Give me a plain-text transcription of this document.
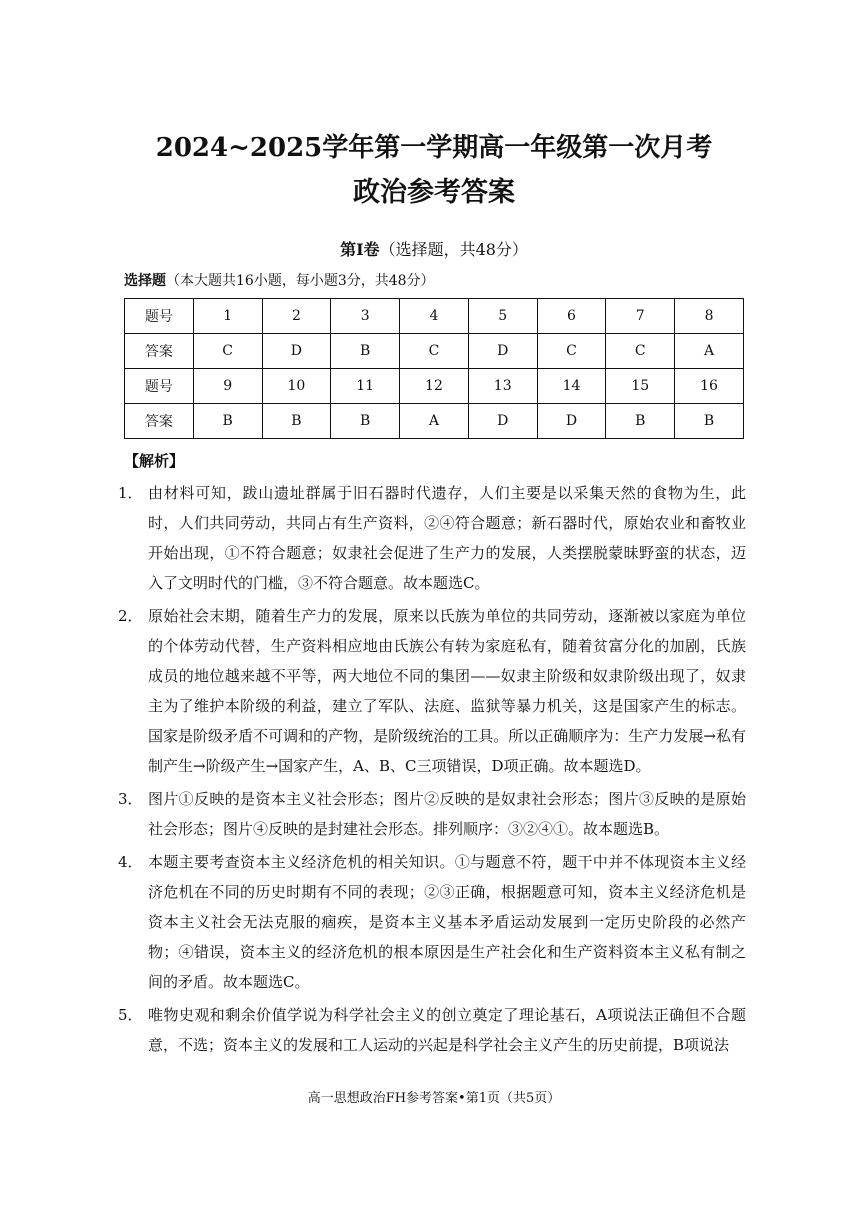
2024~2025学年第一学期高一年级第一次月考
政治参考答案
第Ⅰ卷（选择题，共48分）
选择题（本大题共16小题，每小题3分，共48分）
题号	1	2	3	4	5	6	7	8
答案	C	D	B	C	D	C	C	A
题号	9	10	11	12	13	14	15	16
答案	B	B	B	A	D	D	B	B
【解析】
1． 由材料可知，跋山遗址群属于旧石器时代遗存，人们主要是以采集天然的食物为生，此时，人们共同劳动，共同占有生产资料，②④符合题意；新石器时代，原始农业和畜牧业开始出现，①不符合题意；奴隶社会促进了生产力的发展，人类摆脱蒙昧野蛮的状态，迈入了文明时代的门槛，③不符合题意。故本题选C。
2． 原始社会末期，随着生产力的发展，原来以氏族为单位的共同劳动，逐渐被以家庭为单位的个体劳动代替，生产资料相应地由氏族公有转为家庭私有，随着贫富分化的加剧，氏族成员的地位越来越不平等，两大地位不同的集团——奴隶主阶级和奴隶阶级出现了，奴隶主为了维护本阶级的利益，建立了军队、法庭、监狱等暴力机关，这是国家产生的标志。国家是阶级矛盾不可调和的产物，是阶级统治的工具。所以正确顺序为：生产力发展→私有制产生→阶级产生→国家产生，A、B、C三项错误，D项正确。故本题选D。
3． 图片①反映的是资本主义社会形态；图片②反映的是奴隶社会形态；图片③反映的是原始社会形态；图片④反映的是封建社会形态。排列顺序：③②④①。故本题选B。
4． 本题主要考查资本主义经济危机的相关知识。①与题意不符，题干中并不体现资本主义经济危机在不同的历史时期有不同的表现；②③正确，根据题意可知，资本主义经济危机是资本主义社会无法克服的痼疾，是资本主义基本矛盾运动发展到一定历史阶段的必然产物；④错误，资本主义的经济危机的根本原因是生产社会化和生产资料资本主义私有制之间的矛盾。故本题选C。
5． 唯物史观和剩余价值学说为科学社会主义的创立奠定了理论基石，A项说法正确但不合题意，不选；资本主义的发展和工人运动的兴起是科学社会主义产生的历史前提，B项说法
高一思想政治FH参考答案•第1页（共5页）
